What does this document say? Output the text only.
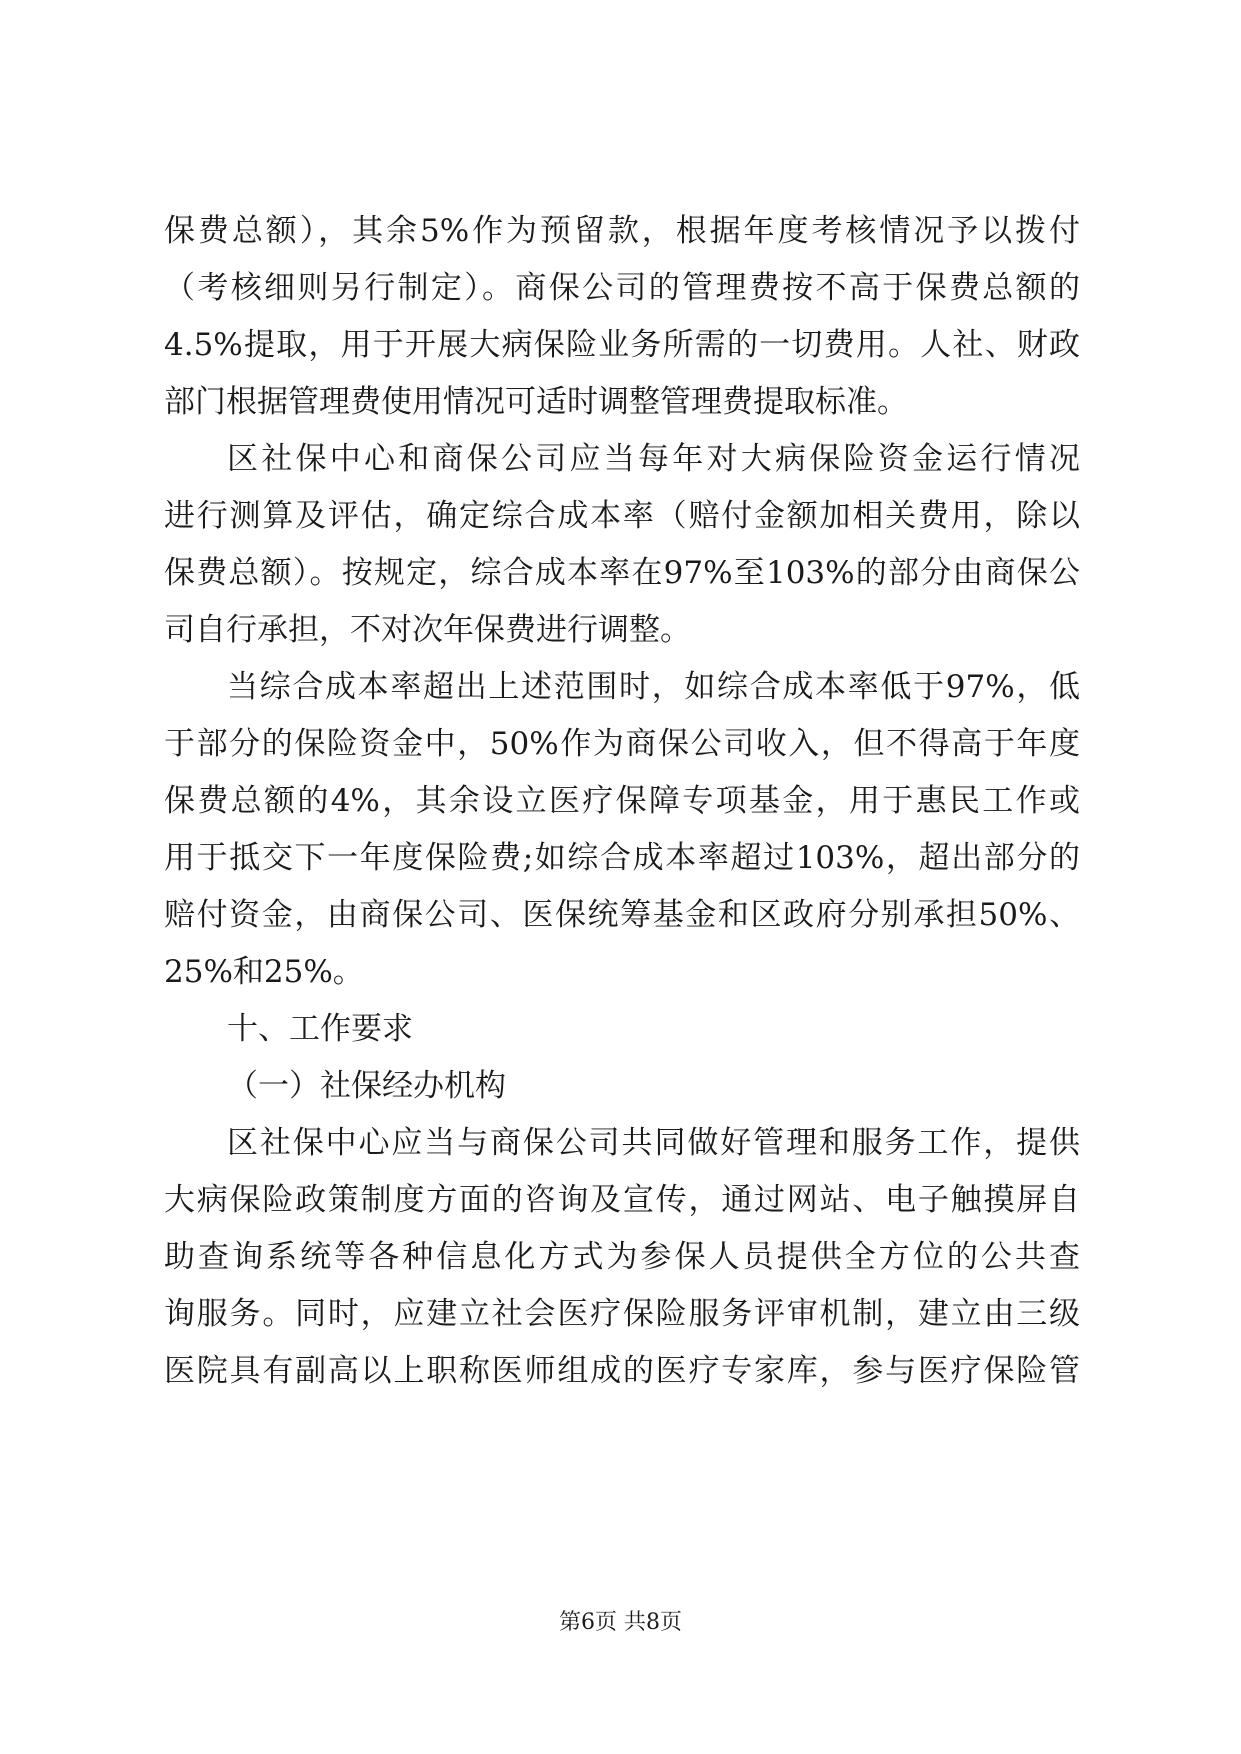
保费总额），其余5%作为预留款，根据年度考核情况予以拨付
（考核细则另行制定）。商保公司的管理费按不高于保费总额的
4.5%提取，用于开展大病保险业务所需的一切费用。人社、财政
部门根据管理费使用情况可适时调整管理费提取标准。
区社保中心和商保公司应当每年对大病保险资金运行情况
进行测算及评估，确定综合成本率（赔付金额加相关费用，除以
保费总额）。按规定，综合成本率在97%至103%的部分由商保公
司自行承担，不对次年保费进行调整。
当综合成本率超出上述范围时，如综合成本率低于97%，低
于部分的保险资金中，50%作为商保公司收入，但不得高于年度
保费总额的4%，其余设立医疗保障专项基金，用于惠民工作或
用于抵交下一年度保险费;如综合成本率超过103%，超出部分的
赔付资金，由商保公司、医保统筹基金和区政府分别承担50%、
25%和25%。
十、工作要求
（一）社保经办机构
区社保中心应当与商保公司共同做好管理和服务工作，提供
大病保险政策制度方面的咨询及宣传，通过网站、电子触摸屏自
助查询系统等各种信息化方式为参保人员提供全方位的公共查
询服务。同时，应建立社会医疗保险服务评审机制，建立由三级
医院具有副高以上职称医师组成的医疗专家库，参与医疗保险管
第6页 共8页
